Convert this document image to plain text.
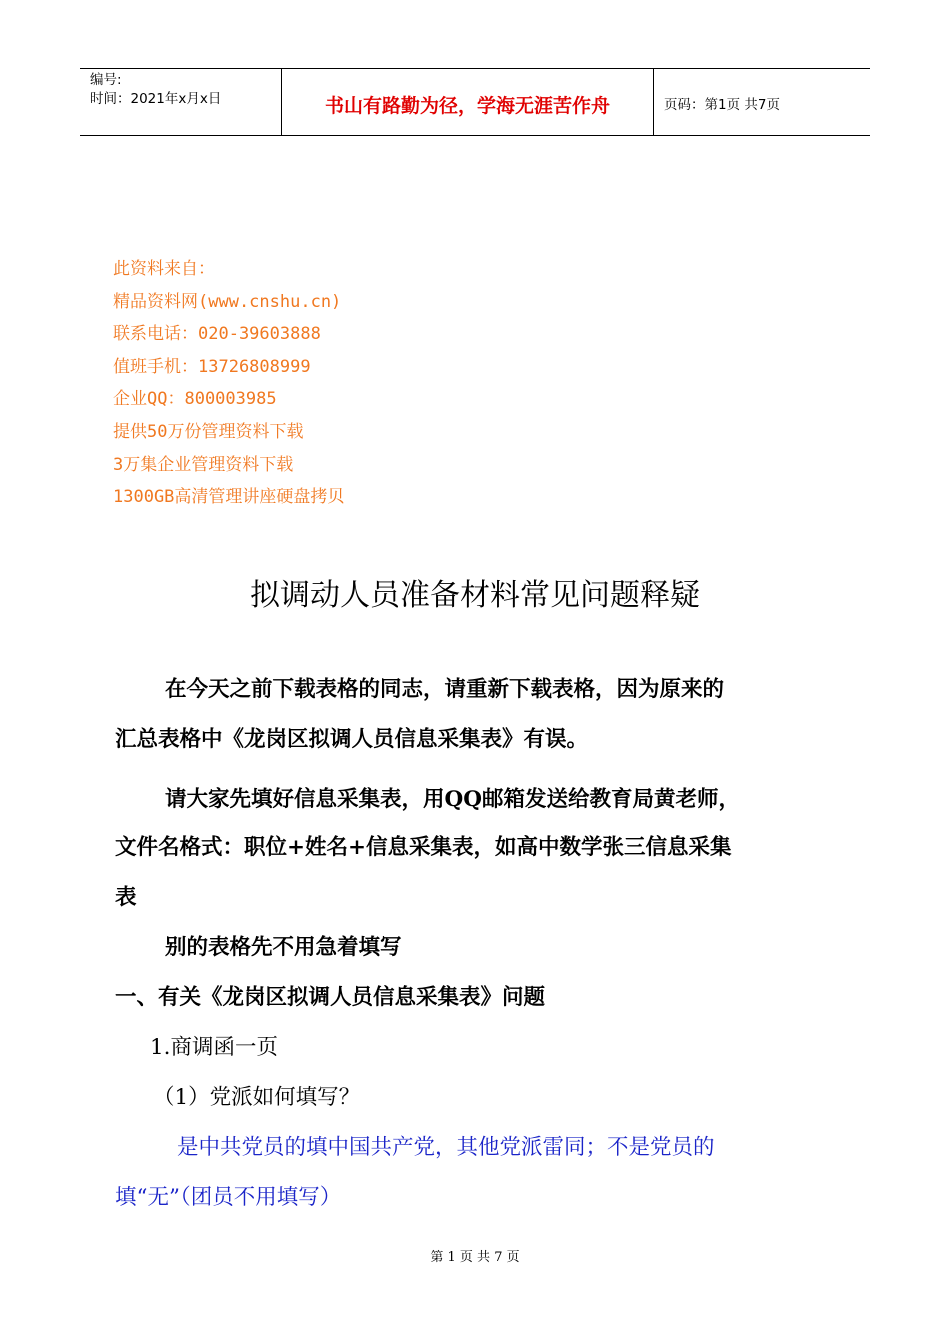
编号:
时间：2021年x月x日	书山有路勤为径，学海无涯苦作舟	页码：第1页 共7页
此资料来自：
精品资料网(www.cnshu.cn)
联系电话：020-39603888
值班手机：13726808999
企业QQ：800003985
提供50万份管理资料下载
3万集企业管理资料下载
1300GB高清管理讲座硬盘拷贝
拟调动人员准备材料常见问题释疑
在今天之前下载表格的同志，请重新下载表格，因为原来的
汇总表格中《龙岗区拟调人员信息采集表》有误。
请大家先填好信息采集表，用QQ邮箱发送给教育局黄老师，
文件名格式：职位+姓名+信息采集表，如高中数学张三信息采集
表
别的表格先不用急着填写
一、有关《龙岗区拟调人员信息采集表》问题
1.商调函一页
（1）党派如何填写？
是中共党员的填中国共产党，其他党派雷同；不是党员的
填“无”（团员不用填写）
第 1 页 共 7 页
